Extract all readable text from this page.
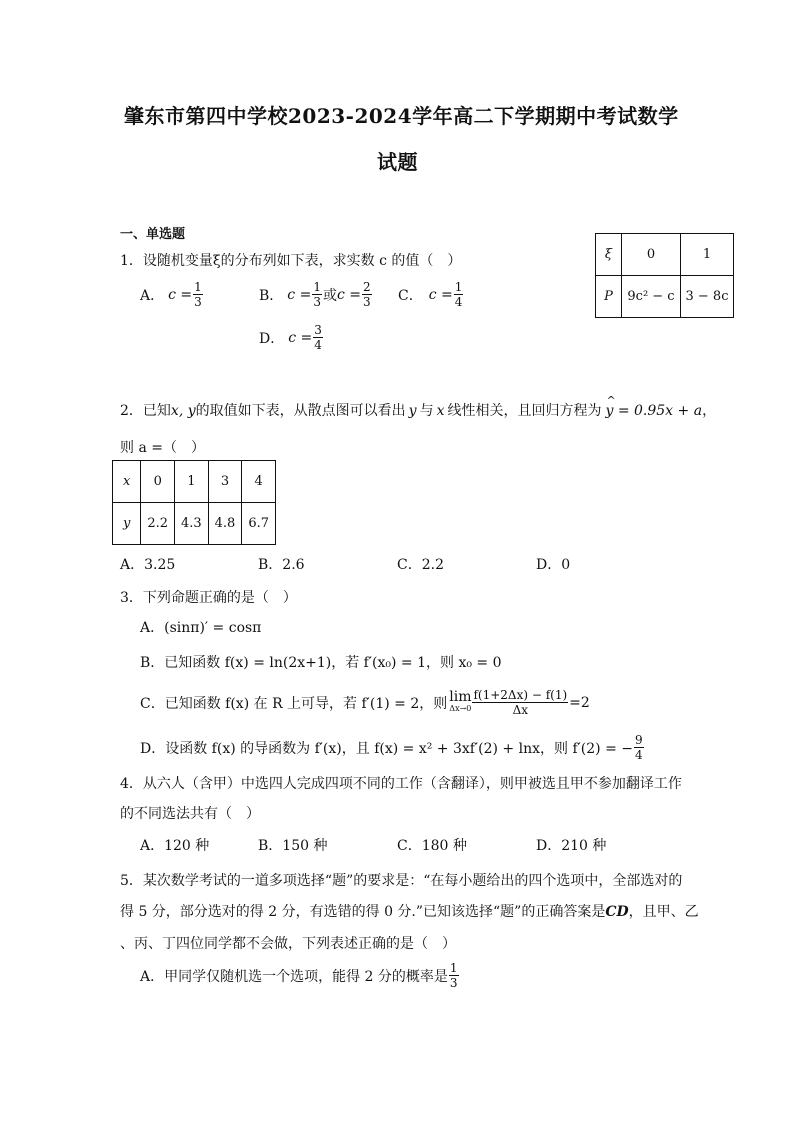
肇东市第四中学校2023-2024学年高二下学期期中考试数学
试题
一、单选题
1．设随机变量ξ的分布列如下表，求实数 c 的值（　）	ξ	0	1
P	9c² − c	3 − 8c
A． $c = \frac{1}{3}$	B． $c = \frac{1}{3}$ 或 $c = \frac{2}{3}$ C． $c = \frac{1}{4}$
D． $c = \frac{3}{4}$
2．已知 x, y 的取值如下表，从散点图可以看出 y 与 x 线性相关，且回归方程为 ^ y = 0.95x + a ，
则 a =（　）
x	0	1	3	4
y	2.2	4.3	4.8	6.7
A．3.25	B．2.6	C．2.2	D．0
3．下列命题正确的是（　）
A．(sinπ)′ = cosπ
B．已知函数 f(x) = ln(2x+1)，若 f′(x₀) = 1，则 x₀ = 0
C．已知函数 f(x) 在 R 上可导，若 f′(1) = 2，则 lim
$\Delta x\to 0 \frac{f(1+2\Delta x) - f(1)}{\Delta x} =2$
D．设函数 f(x) 的导函数为 f′(x)，且 f(x) = x² + 3xf′(2) + lnx，则 f′(2) = − $\frac{9}{4}$
4．从六人（含甲）中选四人完成四项不同的工作（含翻译），则甲被选且甲不参加翻译工作
的不同选法共有（　）
A．120 种	B．150 种	C．180 种	D．210 种
5．某次数学考试的一道多项选择“题”的要求是：“在每小题给出的四个选项中，全部选对的
得 5 分，部分选对的得 2 分，有选错的得 0 分.”已知该选择“题”的正确答案是 CD ，且甲、乙
、丙、丁四位同学都不会做，下列表述正确的是（　）
A．甲同学仅随机选一个选项，能得 2 分的概率是 $\frac{1}{3}$
